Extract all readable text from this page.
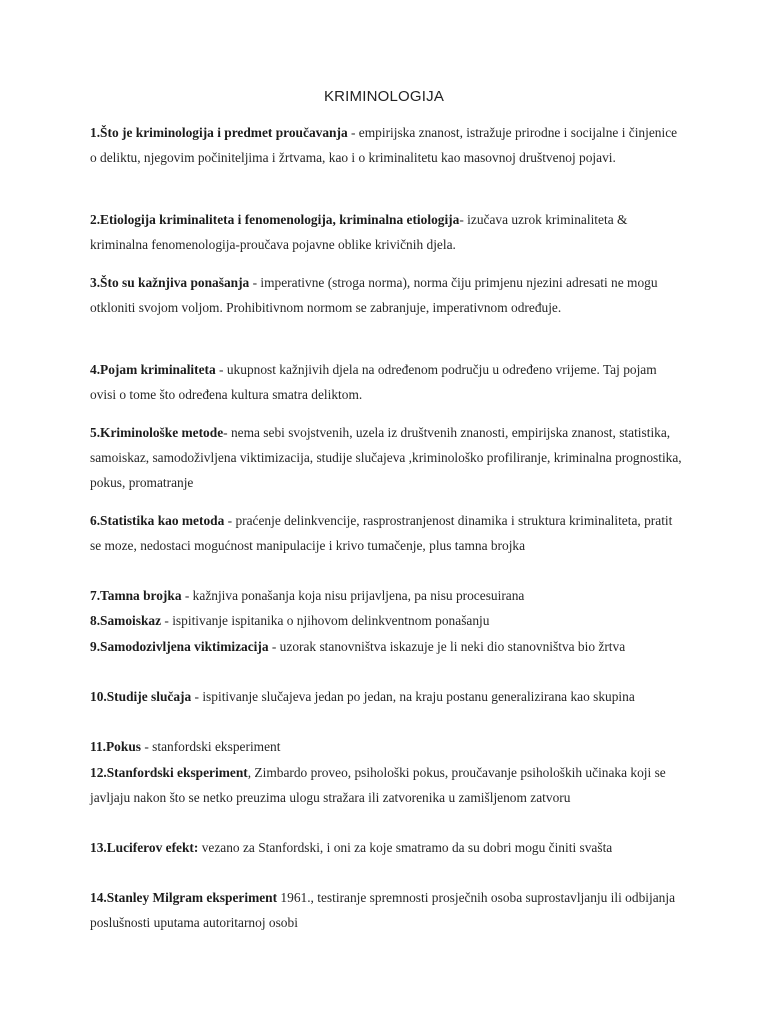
KRIMINOLOGIJA

1.Što je kriminologija i predmet proučavanja - empirijska znanost, istražuje prirodne i socijalne i činjenice o deliktu, njegovim počiniteljima i žrtvama, kao i o kriminalitetu kao masovnoj društvenoj pojavi.

2.Etiologija kriminaliteta i fenomenologija, kriminalna etiologija- izučava uzrok kriminaliteta & kriminalna fenomenologija-proučava pojavne oblike krivičnih djela.

3.Što su kažnjiva ponašanja - imperativne (stroga norma), norma čiju primjenu njezini adresati ne mogu otkloniti svojom voljom. Prohibitivnom normom se zabranjuje, imperativnom određuje.

4.Pojam kriminaliteta - ukupnost kažnjivih djela na određenom području u određeno vrijeme. Taj pojam ovisi o tome što određena kultura smatra deliktom.

5.Kriminološke metode- nema sebi svojstvenih, uzela iz društvenih znanosti, empirijska znanost, statistika, samoiskaz, samodoživljena viktimizacija, studije slučajeva ,kriminološko profiliranje, kriminalna prognostika, pokus, promatranje

6.Statistika kao metoda - praćenje delinkvencije, rasprostranjenost dinamika i struktura kriminaliteta, pratit se moze, nedostaci mogućnost manipulacije i krivo tumačenje, plus tamna brojka

7.Tamna brojka - kažnjiva ponašanja koja nisu prijavljena, pa nisu procesuirana

8.Samoiskaz - ispitivanje ispitanika o njihovom delinkventnom ponašanju

9.Samodozivljena viktimizacija - uzorak stanovništva iskazuje je li neki dio stanovništva bio žrtva

10.Studije slučaja - ispitivanje slučajeva jedan po jedan, na kraju postanu generalizirana kao skupina

11.Pokus - stanfordski eksperiment

12.Stanfordski eksperiment, Zimbardo proveo, psihološki pokus, proučavanje psiholoških učinaka koji se javljaju nakon što se netko preuzima ulogu stražara ili zatvorenika u zamišljenom zatvoru

13.Luciferov efekt: vezano za Stanfordski, i oni za koje smatramo da su dobri mogu činiti svašta

14.Stanley Milgram eksperiment 1961., testiranje spremnosti prosječnih osoba suprostavljanju ili odbijanja poslušnosti uputama autoritarnoj osobi
